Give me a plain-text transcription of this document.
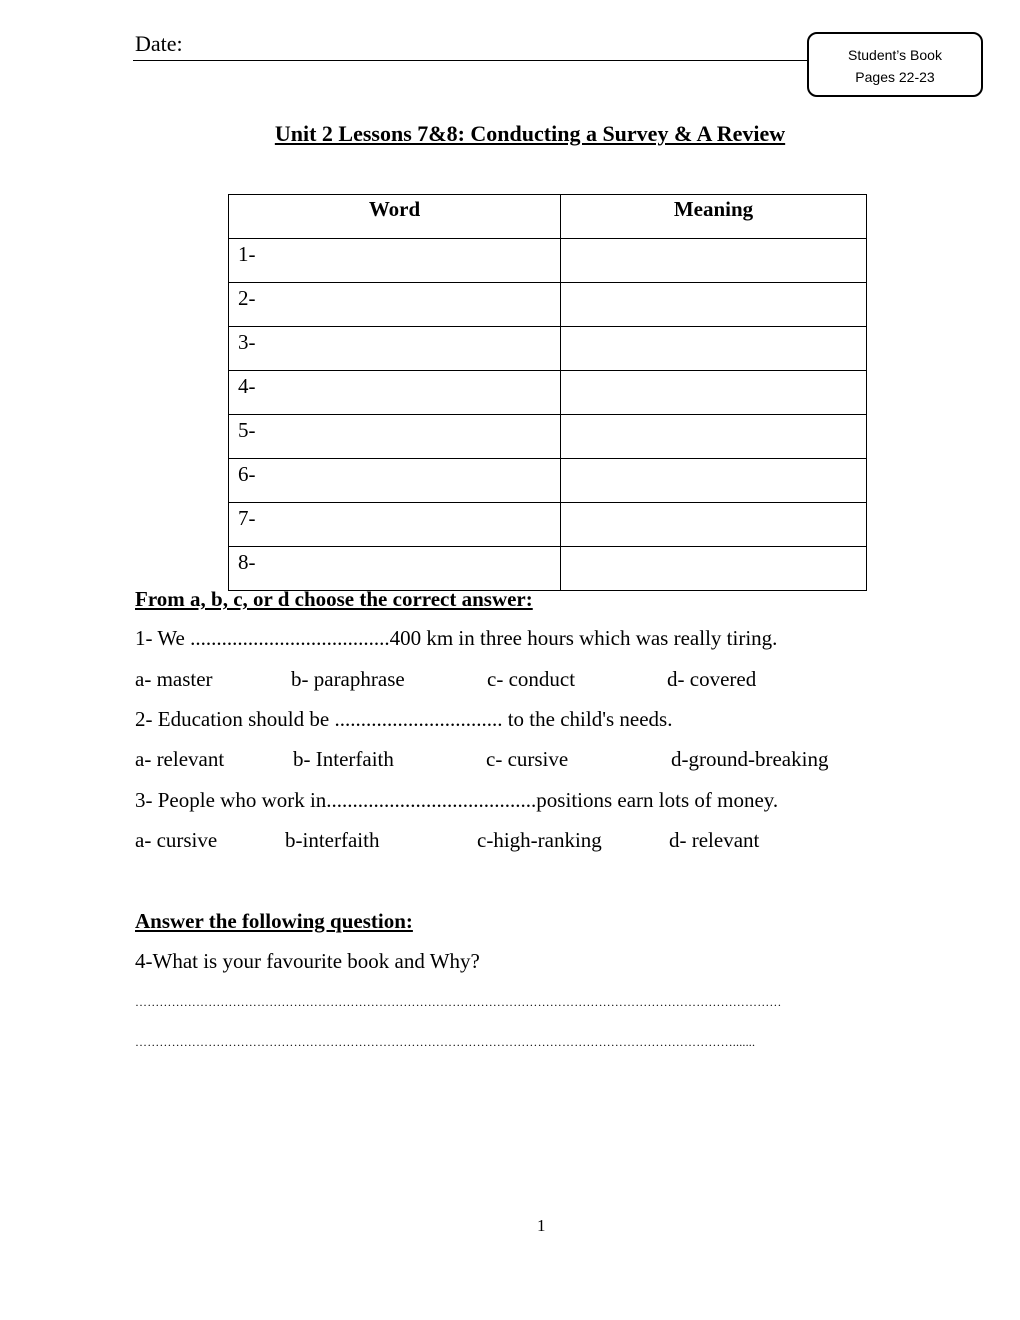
Date:	Student’s Book
Pages 22-23
Unit 2 Lessons 7&8: Conducting a Survey & A Review
Word	Meaning
1-	
2-	
3-	
4-	
5-	
6-	
7-	
8-	
From a, b, c, or d choose the correct answer:
1- We ......................................400 km in three hours which was really tiring.
a- master	b- paraphrase	c- conduct	d- covered
2- Education should be ................................ to the child's needs.
a- relevant	b- Interfaith	c- cursive	d-ground-breaking
3- People who work in........................................positions earn lots of money.
a- cursive	b-interfaith	c-high-ranking	d- relevant
Answer the following question:
4-What is your favourite book and Why?
……………………………………………………………………………………………………………………………………………
………………………………………………………………………………………………………………………………….......
1
